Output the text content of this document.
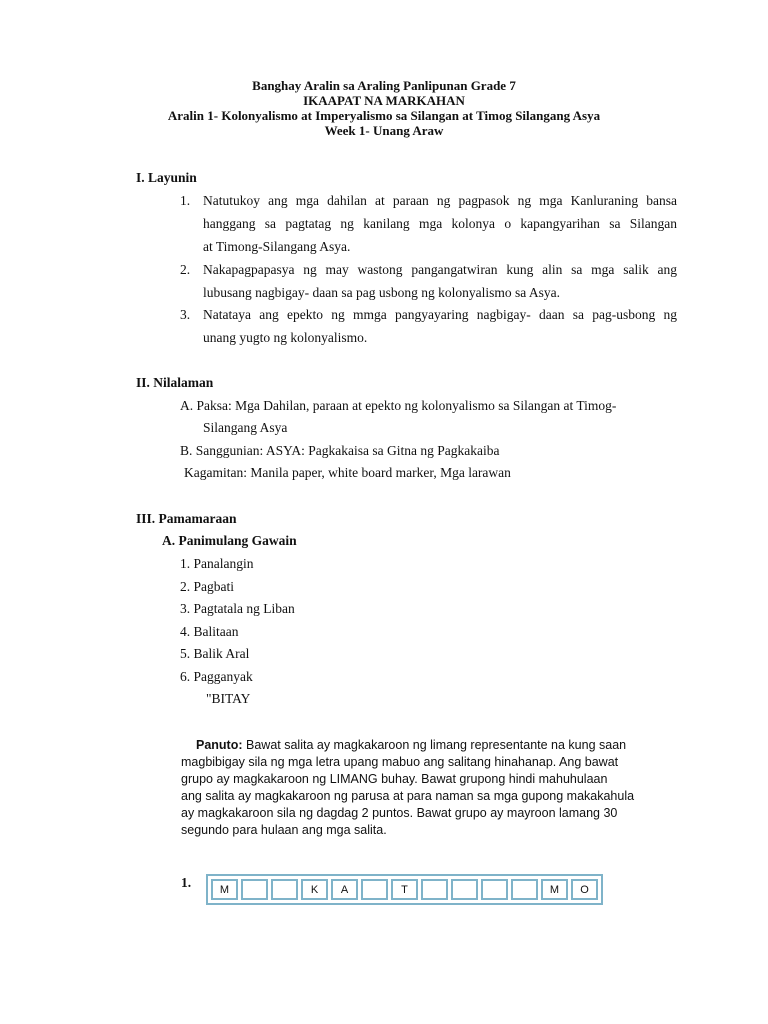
Banghay Aralin sa Araling Panlipunan Grade 7
IKAAPAT NA MARKAHAN
Aralin 1- Kolonyalismo at Imperyalismo sa Silangan at Timog Silangang Asya
Week 1- Unang Araw
I. Layunin
1. Natutukoy ang mga dahilan at paraan ng pagpasok ng mga Kanluraning bansa
hanggang sa pagtatag ng kanilang mga kolonya o kapangyarihan sa Silangan
at Timong-Silangang Asya.
2. Nakapagpapasya ng may wastong pangangatwiran kung alin sa mga salik ang
lubusang nagbigay- daan sa pag usbong ng kolonyalismo sa Asya.
3. Natataya ang epekto ng mmga pangyayaring nagbigay- daan sa pag-usbong ng
unang yugto ng kolonyalismo.
II. Nilalaman
A. Paksa: Mga Dahilan, paraan at epekto ng kolonyalismo sa Silangan at Timog-
Silangang Asya
B. Sanggunian: ASYA: Pagkakaisa sa Gitna ng Pagkakaiba
Kagamitan: Manila paper, white board marker, Mga larawan
III. Pamamaraan
A. Panimulang Gawain
1. Panalangin
2. Pagbati
3. Pagtatala ng Liban
4. Balitaan
5. Balik Aral
6. Pagganyak
"BITAY
Panuto: Bawat salita ay magkakaroon ng limang representante na kung saan
magbibigay sila ng mga letra upang mabuo ang salitang hinahanap. Ang bawat
grupo ay magkakaroon ng LIMANG buhay. Bawat grupong hindi mahuhulaan
ang salita ay magkakaroon ng parusa at para naman sa mga gupong makakahula
ay magkakaroon sila ng dagdag 2 puntos. Bawat grupo ay mayroon lamang 30
segundo para hulaan ang mga salita.
1.	M	K	A	T	M	O
